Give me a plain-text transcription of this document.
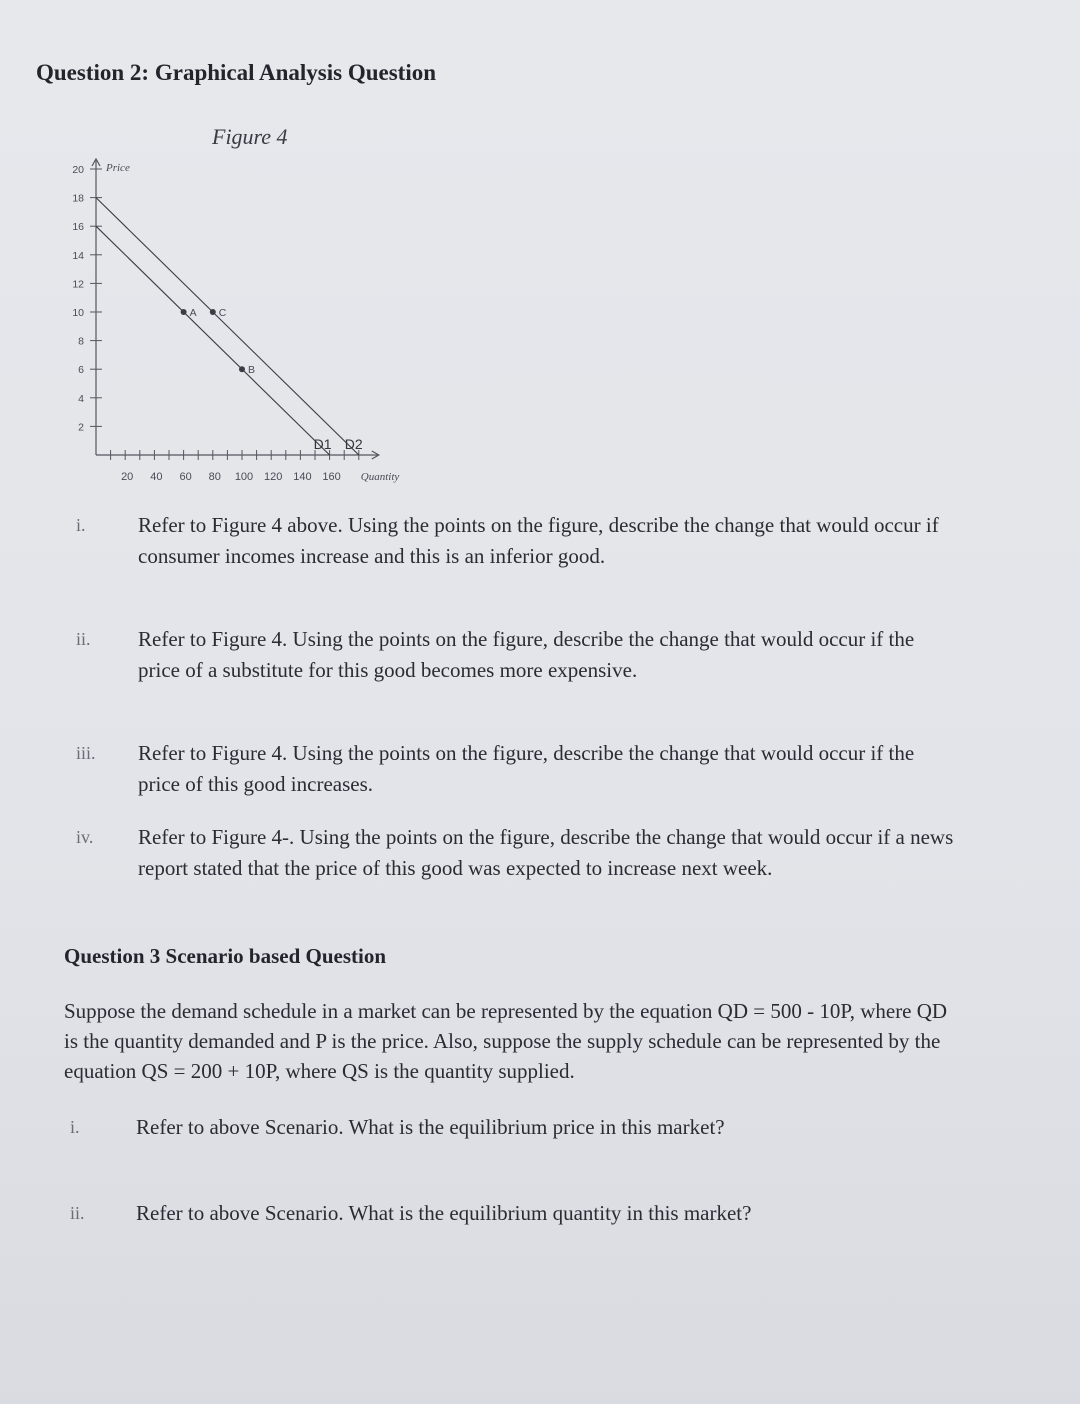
Question 2: Graphical Analysis Question
Figure 4
2
4
6
8
10
12
14
16
18
20
20 40 60 80 100 120 140 160
Price
Quantity
D1 D2
A C
B
i.	Refer to Figure 4 above. Using the points on the figure, describe the change that would occur if consumer incomes increase and this is an inferior good.
ii.	Refer to Figure 4. Using the points on the figure, describe the change that would occur if the price of a substitute for this good becomes more expensive.
iii.	Refer to Figure 4. Using the points on the figure, describe the change that would occur if the price of this good increases.
iv.	Refer to Figure 4-. Using the points on the figure, describe the change that would occur if a news report stated that the price of this good was expected to increase next week.
Question 3 Scenario based Question
Suppose the demand schedule in a market can be represented by the equation QD = 500 - 10P, where QD is the quantity demanded and P is the price. Also, suppose the supply schedule can be represented by the equation QS = 200 + 10P, where QS is the quantity supplied.
i.	Refer to above Scenario. What is the equilibrium price in this market?
ii.	Refer to above Scenario. What is the equilibrium quantity in this market?
